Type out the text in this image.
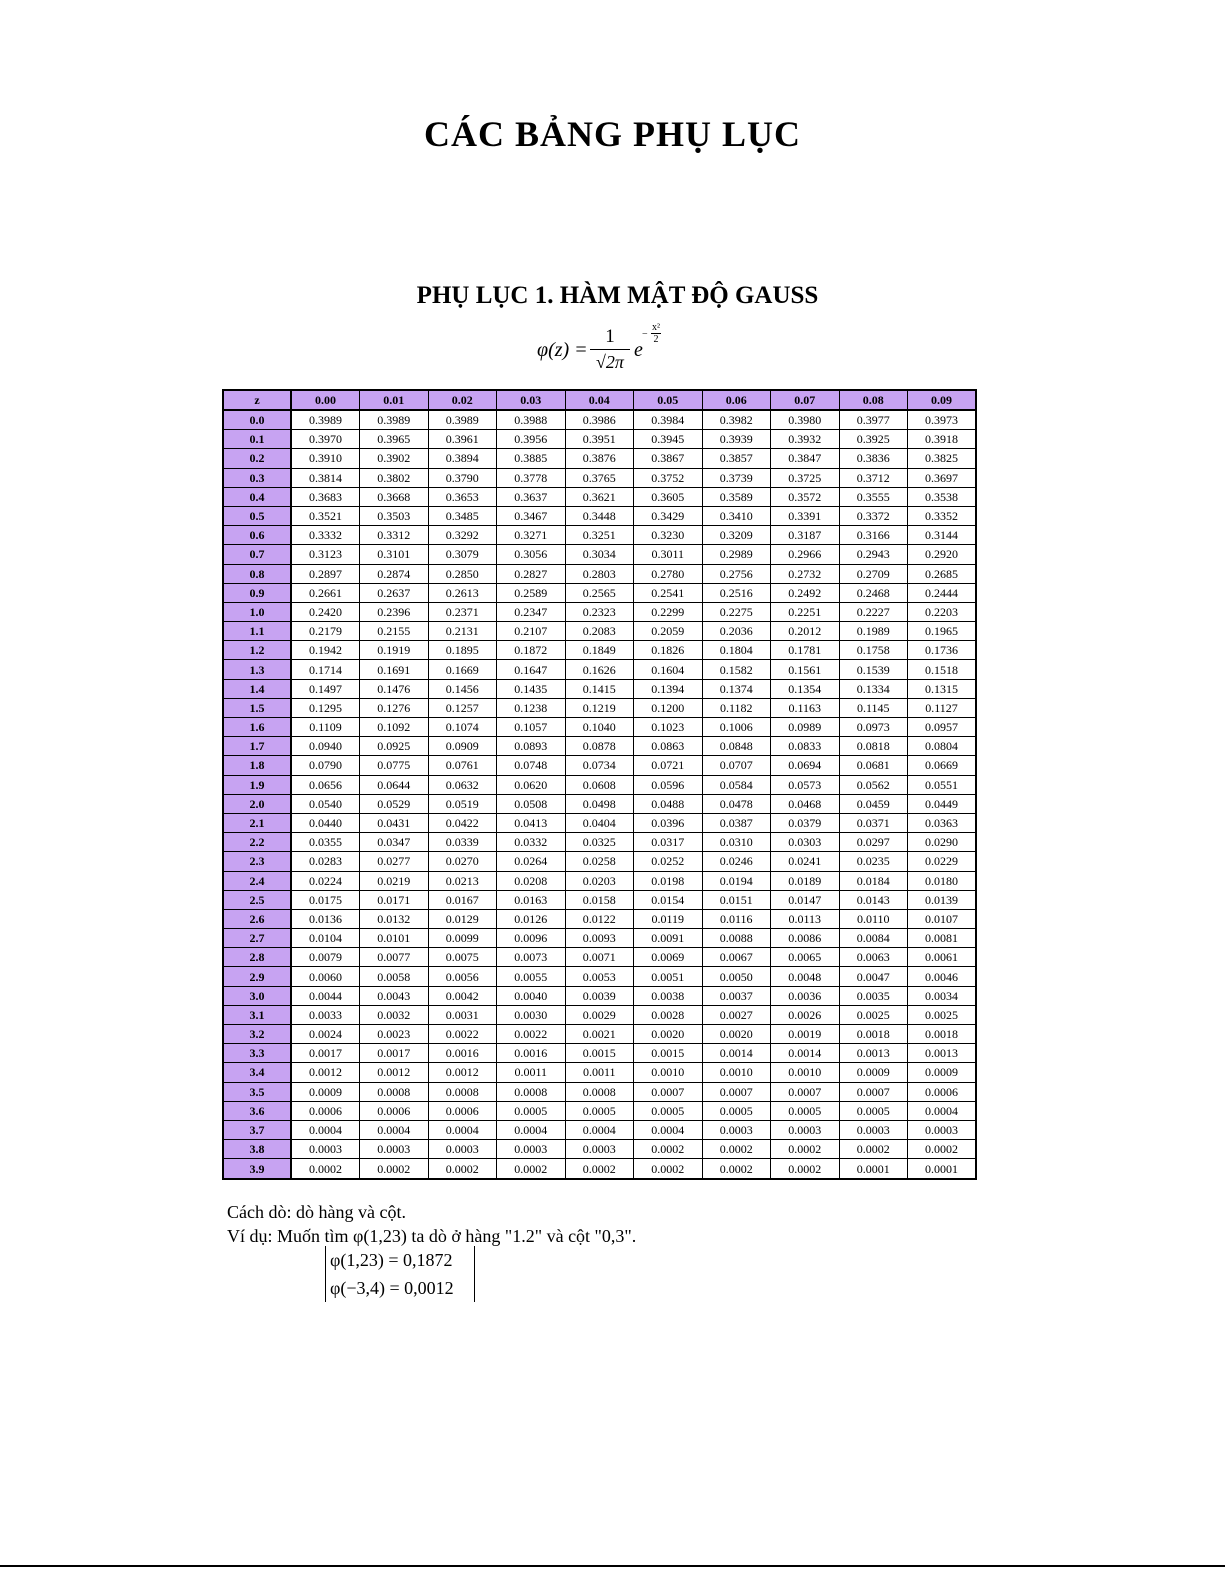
CÁC BẢNG PHỤ LỤC
PHỤ LỤC 1. HÀM MẬT ĐỘ GAUSS
φ(z) =
1
√2π
e
−
x²
2
z	0.00	0.01	0.02	0.03	0.04	0.05	0.06	0.07	0.08	0.09
0.0	0.3989	0.3989	0.3989	0.3988	0.3986	0.3984	0.3982	0.3980	0.3977	0.3973
0.1	0.3970	0.3965	0.3961	0.3956	0.3951	0.3945	0.3939	0.3932	0.3925	0.3918
0.2	0.3910	0.3902	0.3894	0.3885	0.3876	0.3867	0.3857	0.3847	0.3836	0.3825
0.3	0.3814	0.3802	0.3790	0.3778	0.3765	0.3752	0.3739	0.3725	0.3712	0.3697
0.4	0.3683	0.3668	0.3653	0.3637	0.3621	0.3605	0.3589	0.3572	0.3555	0.3538
0.5	0.3521	0.3503	0.3485	0.3467	0.3448	0.3429	0.3410	0.3391	0.3372	0.3352
0.6	0.3332	0.3312	0.3292	0.3271	0.3251	0.3230	0.3209	0.3187	0.3166	0.3144
0.7	0.3123	0.3101	0.3079	0.3056	0.3034	0.3011	0.2989	0.2966	0.2943	0.2920
0.8	0.2897	0.2874	0.2850	0.2827	0.2803	0.2780	0.2756	0.2732	0.2709	0.2685
0.9	0.2661	0.2637	0.2613	0.2589	0.2565	0.2541	0.2516	0.2492	0.2468	0.2444
1.0	0.2420	0.2396	0.2371	0.2347	0.2323	0.2299	0.2275	0.2251	0.2227	0.2203
1.1	0.2179	0.2155	0.2131	0.2107	0.2083	0.2059	0.2036	0.2012	0.1989	0.1965
1.2	0.1942	0.1919	0.1895	0.1872	0.1849	0.1826	0.1804	0.1781	0.1758	0.1736
1.3	0.1714	0.1691	0.1669	0.1647	0.1626	0.1604	0.1582	0.1561	0.1539	0.1518
1.4	0.1497	0.1476	0.1456	0.1435	0.1415	0.1394	0.1374	0.1354	0.1334	0.1315
1.5	0.1295	0.1276	0.1257	0.1238	0.1219	0.1200	0.1182	0.1163	0.1145	0.1127
1.6	0.1109	0.1092	0.1074	0.1057	0.1040	0.1023	0.1006	0.0989	0.0973	0.0957
1.7	0.0940	0.0925	0.0909	0.0893	0.0878	0.0863	0.0848	0.0833	0.0818	0.0804
1.8	0.0790	0.0775	0.0761	0.0748	0.0734	0.0721	0.0707	0.0694	0.0681	0.0669
1.9	0.0656	0.0644	0.0632	0.0620	0.0608	0.0596	0.0584	0.0573	0.0562	0.0551
2.0	0.0540	0.0529	0.0519	0.0508	0.0498	0.0488	0.0478	0.0468	0.0459	0.0449
2.1	0.0440	0.0431	0.0422	0.0413	0.0404	0.0396	0.0387	0.0379	0.0371	0.0363
2.2	0.0355	0.0347	0.0339	0.0332	0.0325	0.0317	0.0310	0.0303	0.0297	0.0290
2.3	0.0283	0.0277	0.0270	0.0264	0.0258	0.0252	0.0246	0.0241	0.0235	0.0229
2.4	0.0224	0.0219	0.0213	0.0208	0.0203	0.0198	0.0194	0.0189	0.0184	0.0180
2.5	0.0175	0.0171	0.0167	0.0163	0.0158	0.0154	0.0151	0.0147	0.0143	0.0139
2.6	0.0136	0.0132	0.0129	0.0126	0.0122	0.0119	0.0116	0.0113	0.0110	0.0107
2.7	0.0104	0.0101	0.0099	0.0096	0.0093	0.0091	0.0088	0.0086	0.0084	0.0081
2.8	0.0079	0.0077	0.0075	0.0073	0.0071	0.0069	0.0067	0.0065	0.0063	0.0061
2.9	0.0060	0.0058	0.0056	0.0055	0.0053	0.0051	0.0050	0.0048	0.0047	0.0046
3.0	0.0044	0.0043	0.0042	0.0040	0.0039	0.0038	0.0037	0.0036	0.0035	0.0034
3.1	0.0033	0.0032	0.0031	0.0030	0.0029	0.0028	0.0027	0.0026	0.0025	0.0025
3.2	0.0024	0.0023	0.0022	0.0022	0.0021	0.0020	0.0020	0.0019	0.0018	0.0018
3.3	0.0017	0.0017	0.0016	0.0016	0.0015	0.0015	0.0014	0.0014	0.0013	0.0013
3.4	0.0012	0.0012	0.0012	0.0011	0.0011	0.0010	0.0010	0.0010	0.0009	0.0009
3.5	0.0009	0.0008	0.0008	0.0008	0.0008	0.0007	0.0007	0.0007	0.0007	0.0006
3.6	0.0006	0.0006	0.0006	0.0005	0.0005	0.0005	0.0005	0.0005	0.0005	0.0004
3.7	0.0004	0.0004	0.0004	0.0004	0.0004	0.0004	0.0003	0.0003	0.0003	0.0003
3.8	0.0003	0.0003	0.0003	0.0003	0.0003	0.0002	0.0002	0.0002	0.0002	0.0002
3.9	0.0002	0.0002	0.0002	0.0002	0.0002	0.0002	0.0002	0.0002	0.0001	0.0001
Cách dò: dò hàng và cột.
Ví dụ: Muốn tìm φ(1,23) ta dò ở hàng "1.2" và cột "0,3".
φ(1,23) = 0,1872
φ(−3,4) = 0,0012
